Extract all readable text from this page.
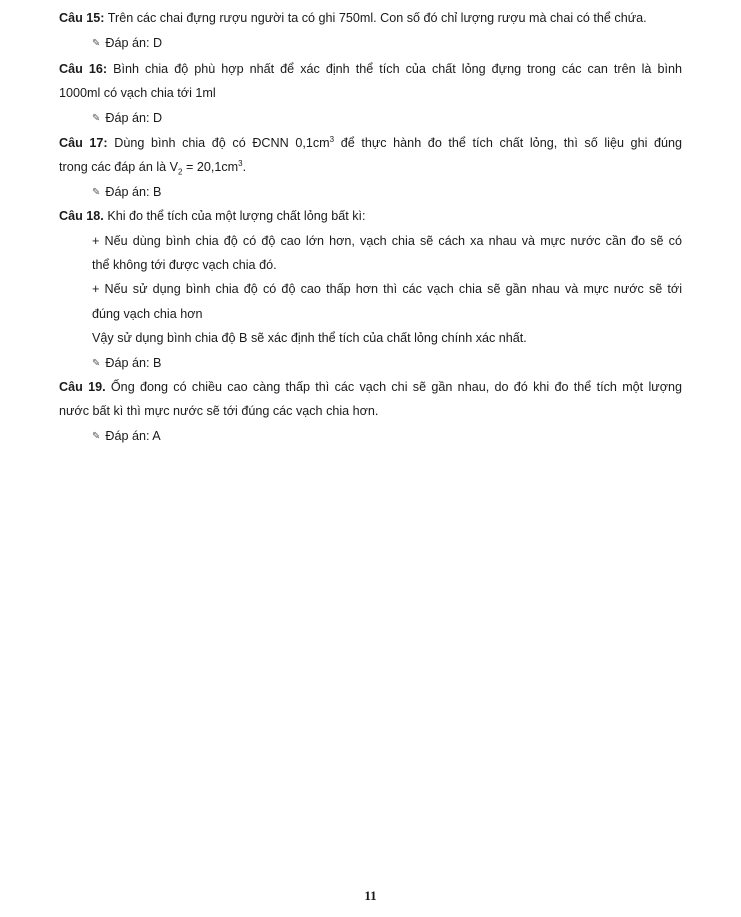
Câu 15: Trên các chai đựng rượu người ta có ghi 750ml. Con số đó chỉ lượng rượu mà chai có thể chứa.
✎ Đáp án: D
Câu 16: Bình chia độ phù hợp nhất để xác định thể tích của chất lỏng đựng trong các can trên là bình
1000ml có vạch chia tới 1ml
✎ Đáp án: D
Câu 17: Dùng bình chia độ có ĐCNN $0,1cm^3$ để thực hành đo thể tích chất lỏng, thì số liệu ghi đúng
trong các đáp án là $V_2 = 20,1cm^3$.
✎ Đáp án: B
Câu 18. Khi đo thể tích của một lượng chất lỏng bất kì:
+ Nếu dùng bình chia độ có độ cao lớn hơn, vạch chia sẽ cách xa nhau và mực nước cần đo sẽ có
thể không tới được vạch chia đó.
+ Nếu sử dụng bình chia độ có độ cao thấp hơn thì các vạch chia sẽ gần nhau và mực nước sẽ tới
đúng vạch chia hơn
Vậy sử dụng bình chia độ B sẽ xác định thể tích của chất lỏng chính xác nhất.
✎ Đáp án: B
Câu 19. Ống đong có chiều cao càng thấp thì các vạch chi sẽ gần nhau, do đó khi đo thể tích một lượng
nước bất kì thì mực nước sẽ tới đúng các vạch chia hơn.
✎ Đáp án: A
11
